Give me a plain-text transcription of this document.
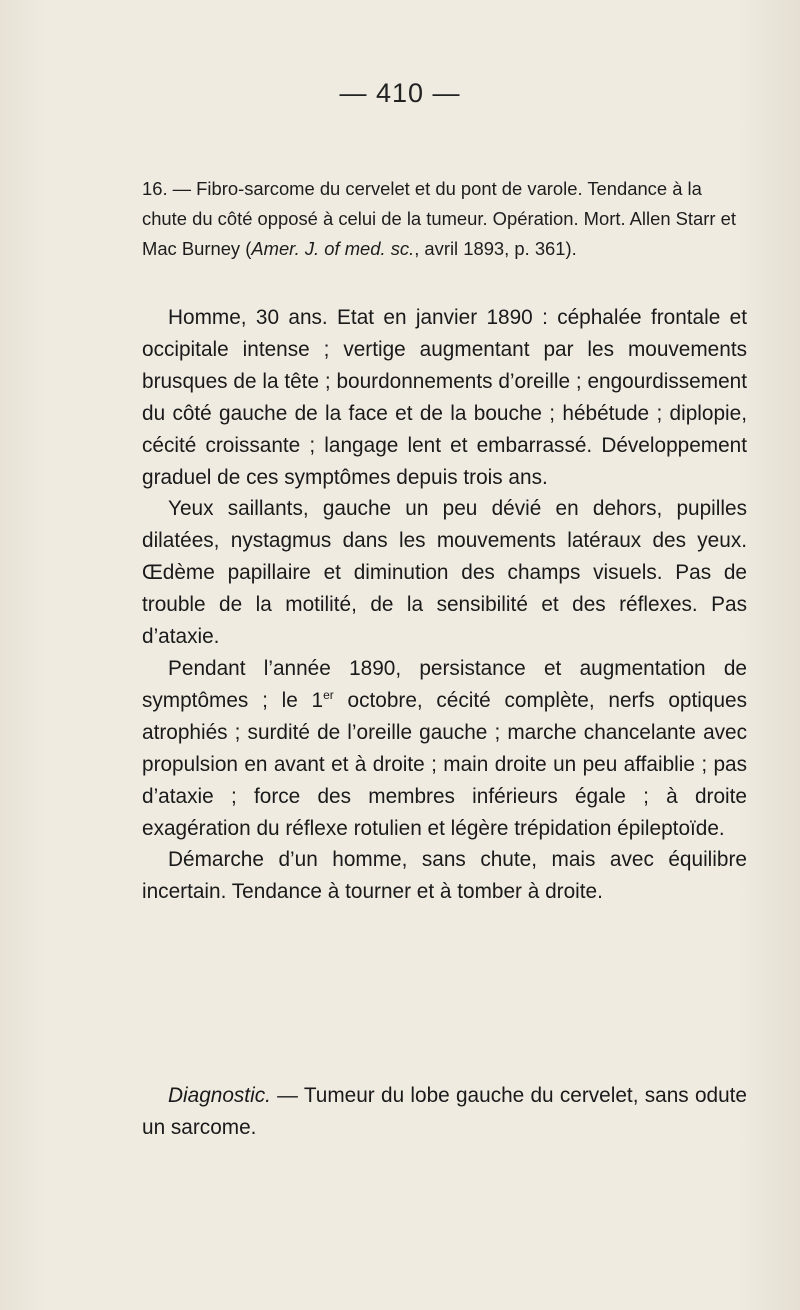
— 410 —
16. — Fibro-sarcome du cervelet et du pont de varole. Tendance à la chute du côté opposé à celui de la tumeur. Opération. Mort. Allen Starr et Mac Burney (Amer. J. of med. sc., avril 1893, p. 361).

Homme, 30 ans. Etat en janvier 1890 : céphalée frontale et occipitale intense ; vertige augmentant par les mouvements brusques de la tête ; bourdonnements d’oreille ; engourdissement du côté gauche de la face et de la bouche ; hébétude ; diplopie, cécité croissante ; langage lent et embarrassé. Développement graduel de ces symptômes depuis trois ans.

Yeux saillants, gauche un peu dévié en dehors, pupilles dilatées, nystagmus dans les mouvements latéraux des yeux. Œdème papillaire et diminution des champs visuels. Pas de trouble de la motilité, de la sensibilité et des réflexes. Pas d’ataxie.

Pendant l’année 1890, persistance et augmentation de symptômes ; le 1er octobre, cécité complète, nerfs optiques atrophiés ; surdité de l’oreille gauche ; marche chancelante avec propulsion en avant et à droite ; main droite un peu affaiblie ; pas d’ataxie ; force des membres inférieurs égale ; à droite exagération du réflexe rotulien et légère trépidation épileptoïde.

Démarche d’un homme, sans chute, mais avec équilibre incertain. Tendance à tourner et à tomber à droite.

Diagnostic. — Tumeur du lobe gauche du cervelet, sans odute un sarcome.
